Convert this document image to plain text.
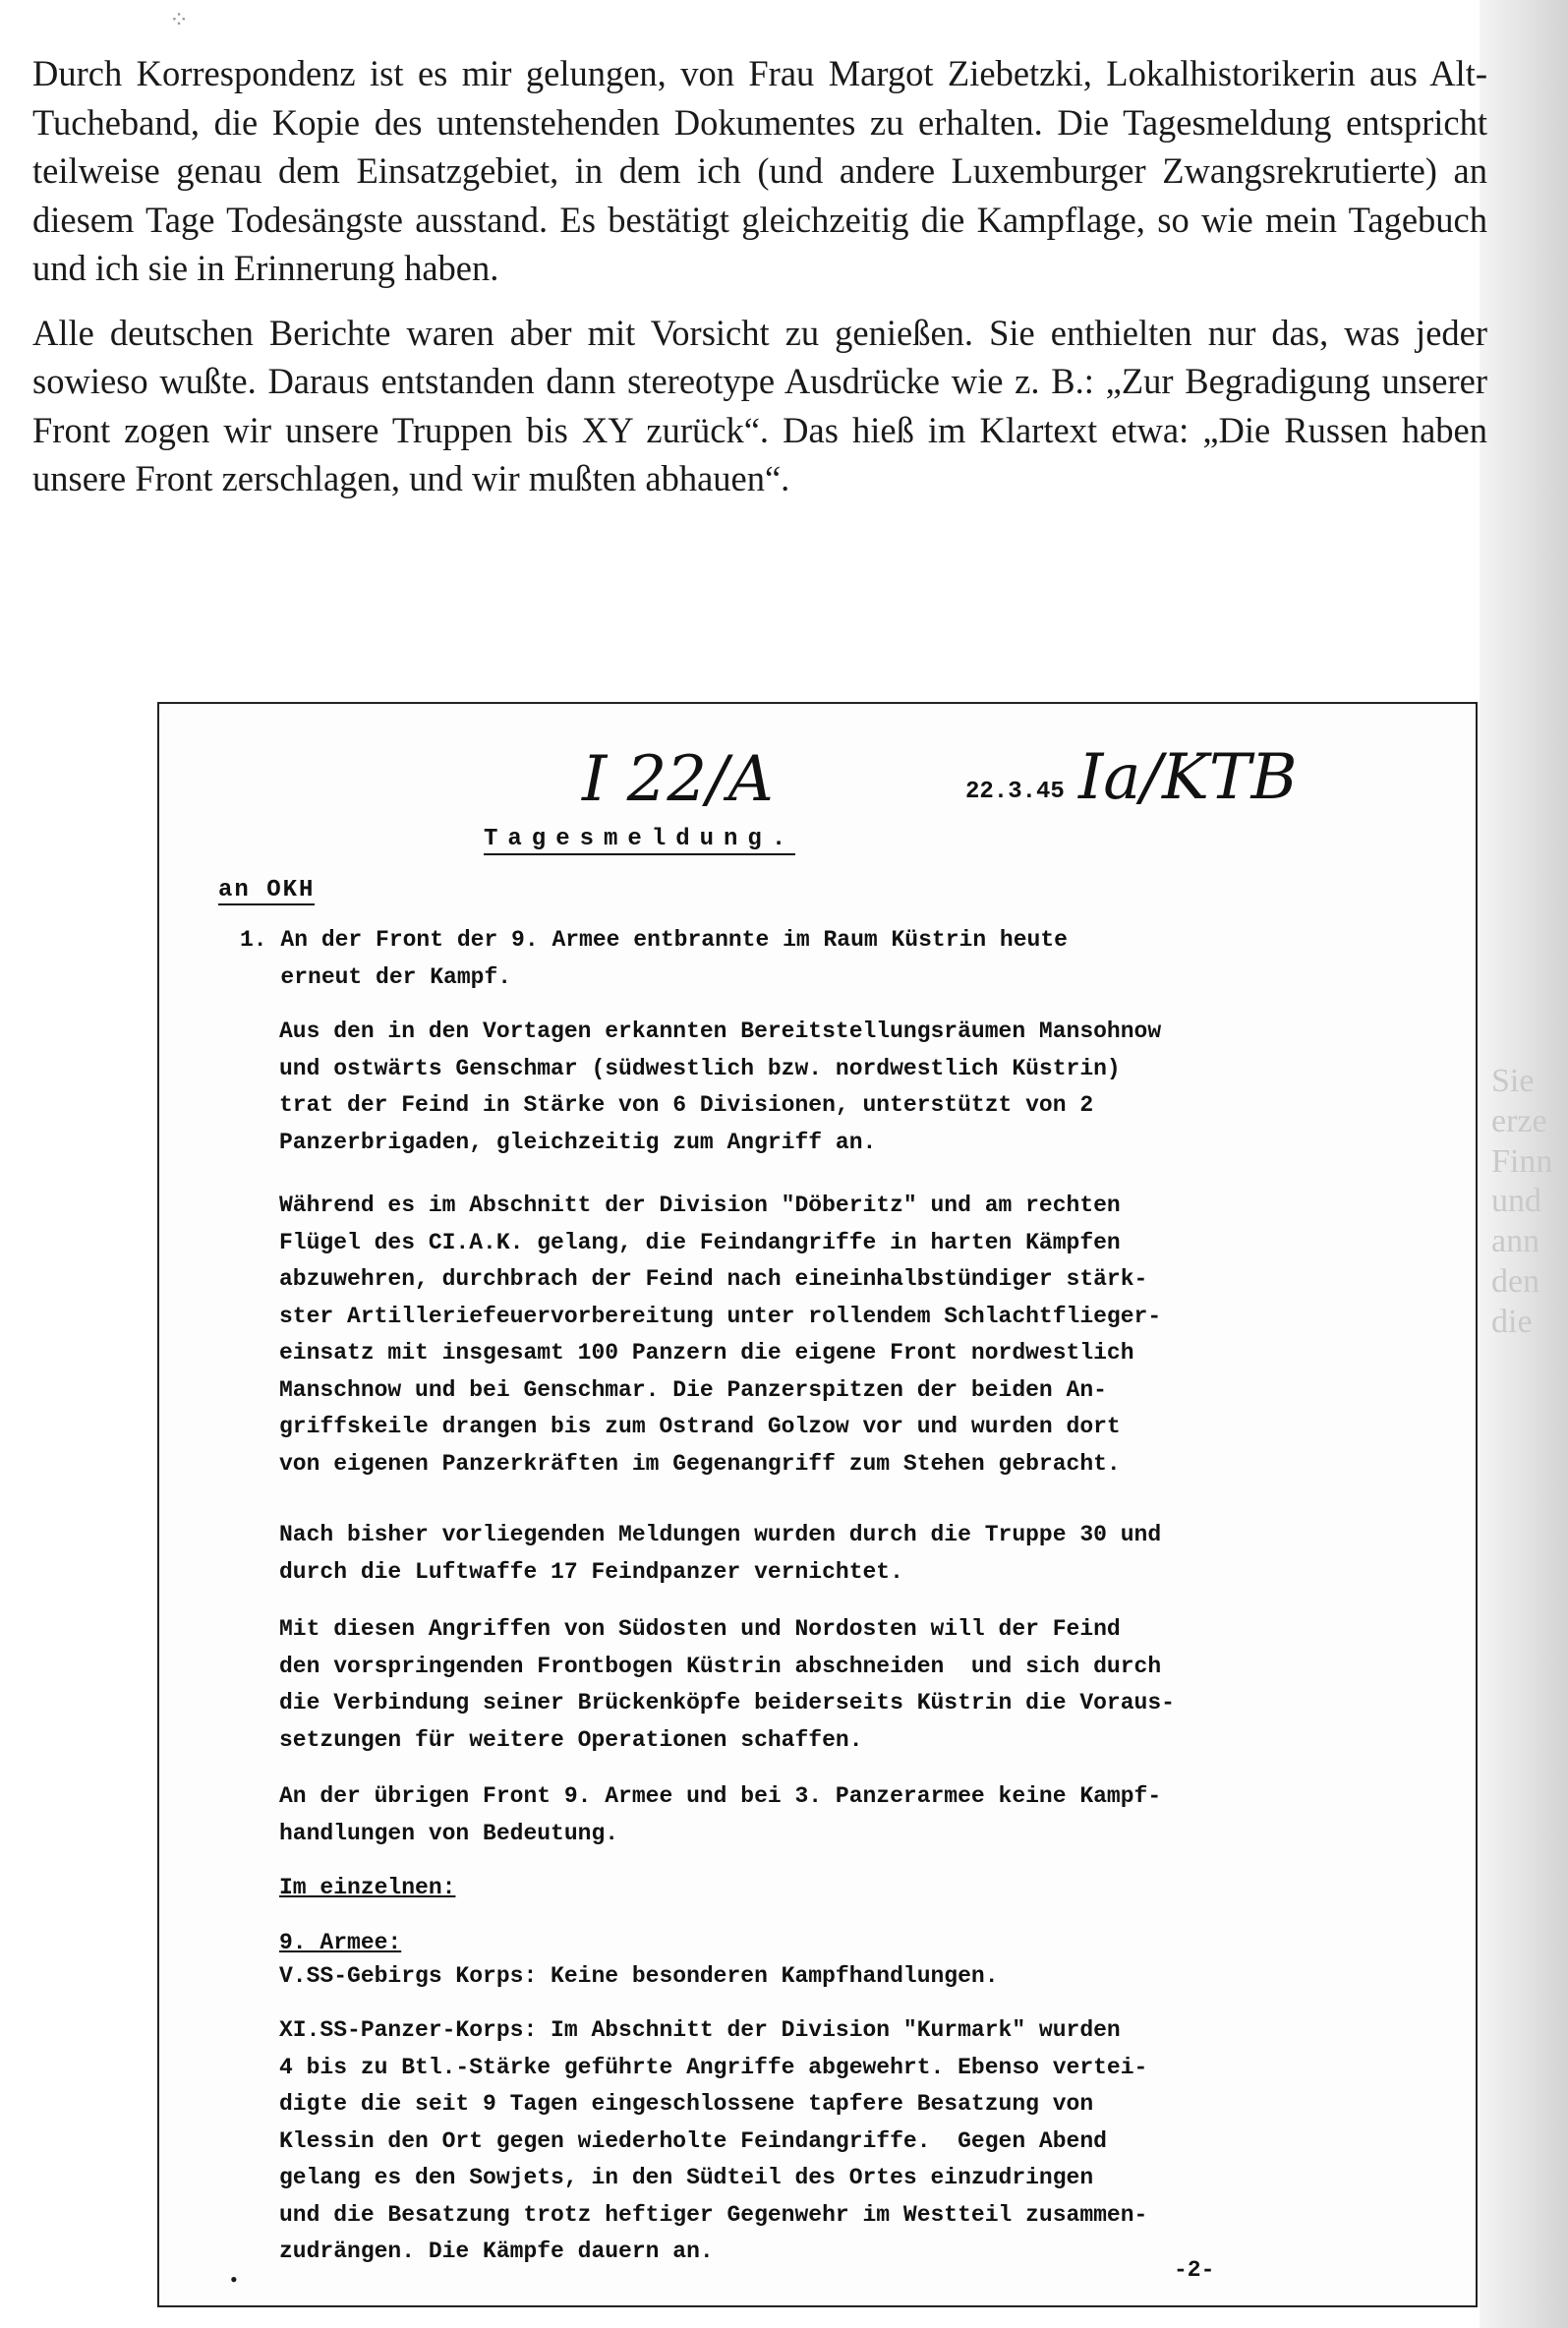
Sie
erze
Finn
und
ann
den
die
⁘

Durch Korrespondenz ist es mir gelungen, von Frau Margot Ziebetzki, Lokalhistorikerin aus Alt-Tucheband, die Kopie des untenstehenden Dokumentes zu erhalten. Die Tagesmeldung entspricht teilweise genau dem Einsatzgebiet, in dem ich (und andere Luxemburger Zwangsrekrutierte) an diesem Tage Todesängste ausstand. Es bestätigt gleichzeitig die Kampflage, so wie mein Tagebuch und ich sie in Erinnerung haben.

Alle deutschen Berichte waren aber mit Vorsicht zu genießen. Sie enthielten nur das, was jeder sowieso wußte. Daraus entstanden dann stereotype Ausdrücke wie z. B.: „Zur Begradigung unserer Front zogen wir unsere Truppen bis XY zurück“. Das hieß im Klartext etwa: „Die Russen haben unsere Front zerschlagen, und wir mußten abhauen“.

I 22/A	22.3.45 Ia/KTB
Tagesmeldung.
an OKH
1. An der Front der 9. Armee entbrannte im Raum Küstrin heute
erneut der Kampf.
Aus den in den Vortagen erkannten Bereitstellungsräumen Mansohnow
und ostwärts Genschmar (südwestlich bzw. nordwestlich Küstrin)
trat der Feind in Stärke von 6 Divisionen, unterstützt von 2
Panzerbrigaden, gleichzeitig zum Angriff an.
Während es im Abschnitt der Division "Döberitz" und am rechten
Flügel des CI.A.K. gelang, die Feindangriffe in harten Kämpfen
abzuwehren, durchbrach der Feind nach eineinhalbstündiger stärk-
ster Artilleriefeuervorbereitung unter rollendem Schlachtflieger-
einsatz mit insgesamt 100 Panzern die eigene Front nordwestlich
Manschnow und bei Genschmar. Die Panzerspitzen der beiden An-
griffskeile drangen bis zum Ostrand Golzow vor und wurden dort
von eigenen Panzerkräften im Gegenangriff zum Stehen gebracht.
Nach bisher vorliegenden Meldungen wurden durch die Truppe 30 und
durch die Luftwaffe 17 Feindpanzer vernichtet.
Mit diesen Angriffen von Südosten und Nordosten will der Feind
den vorspringenden Frontbogen Küstrin abschneiden  und sich durch
die Verbindung seiner Brückenköpfe beiderseits Küstrin die Voraus-
setzungen für weitere Operationen schaffen.
An der übrigen Front 9. Armee und bei 3. Panzerarmee keine Kampf-
handlungen von Bedeutung.
Im einzelnen:
9. Armee:
V.SS-Gebirgs Korps: Keine besonderen Kampfhandlungen.
XI.SS-Panzer-Korps: Im Abschnitt der Division "Kurmark" wurden
4 bis zu Btl.-Stärke geführte Angriffe abgewehrt. Ebenso vertei-
digte die seit 9 Tagen eingeschlossene tapfere Besatzung von
Klessin den Ort gegen wiederholte Feindangriffe.  Gegen Abend
gelang es den Sowjets, in den Südteil des Ortes einzudringen
und die Besatzung trotz heftiger Gegenwehr im Westteil zusammen-
zudrängen. Die Kämpfe dauern an.
•	-2-
